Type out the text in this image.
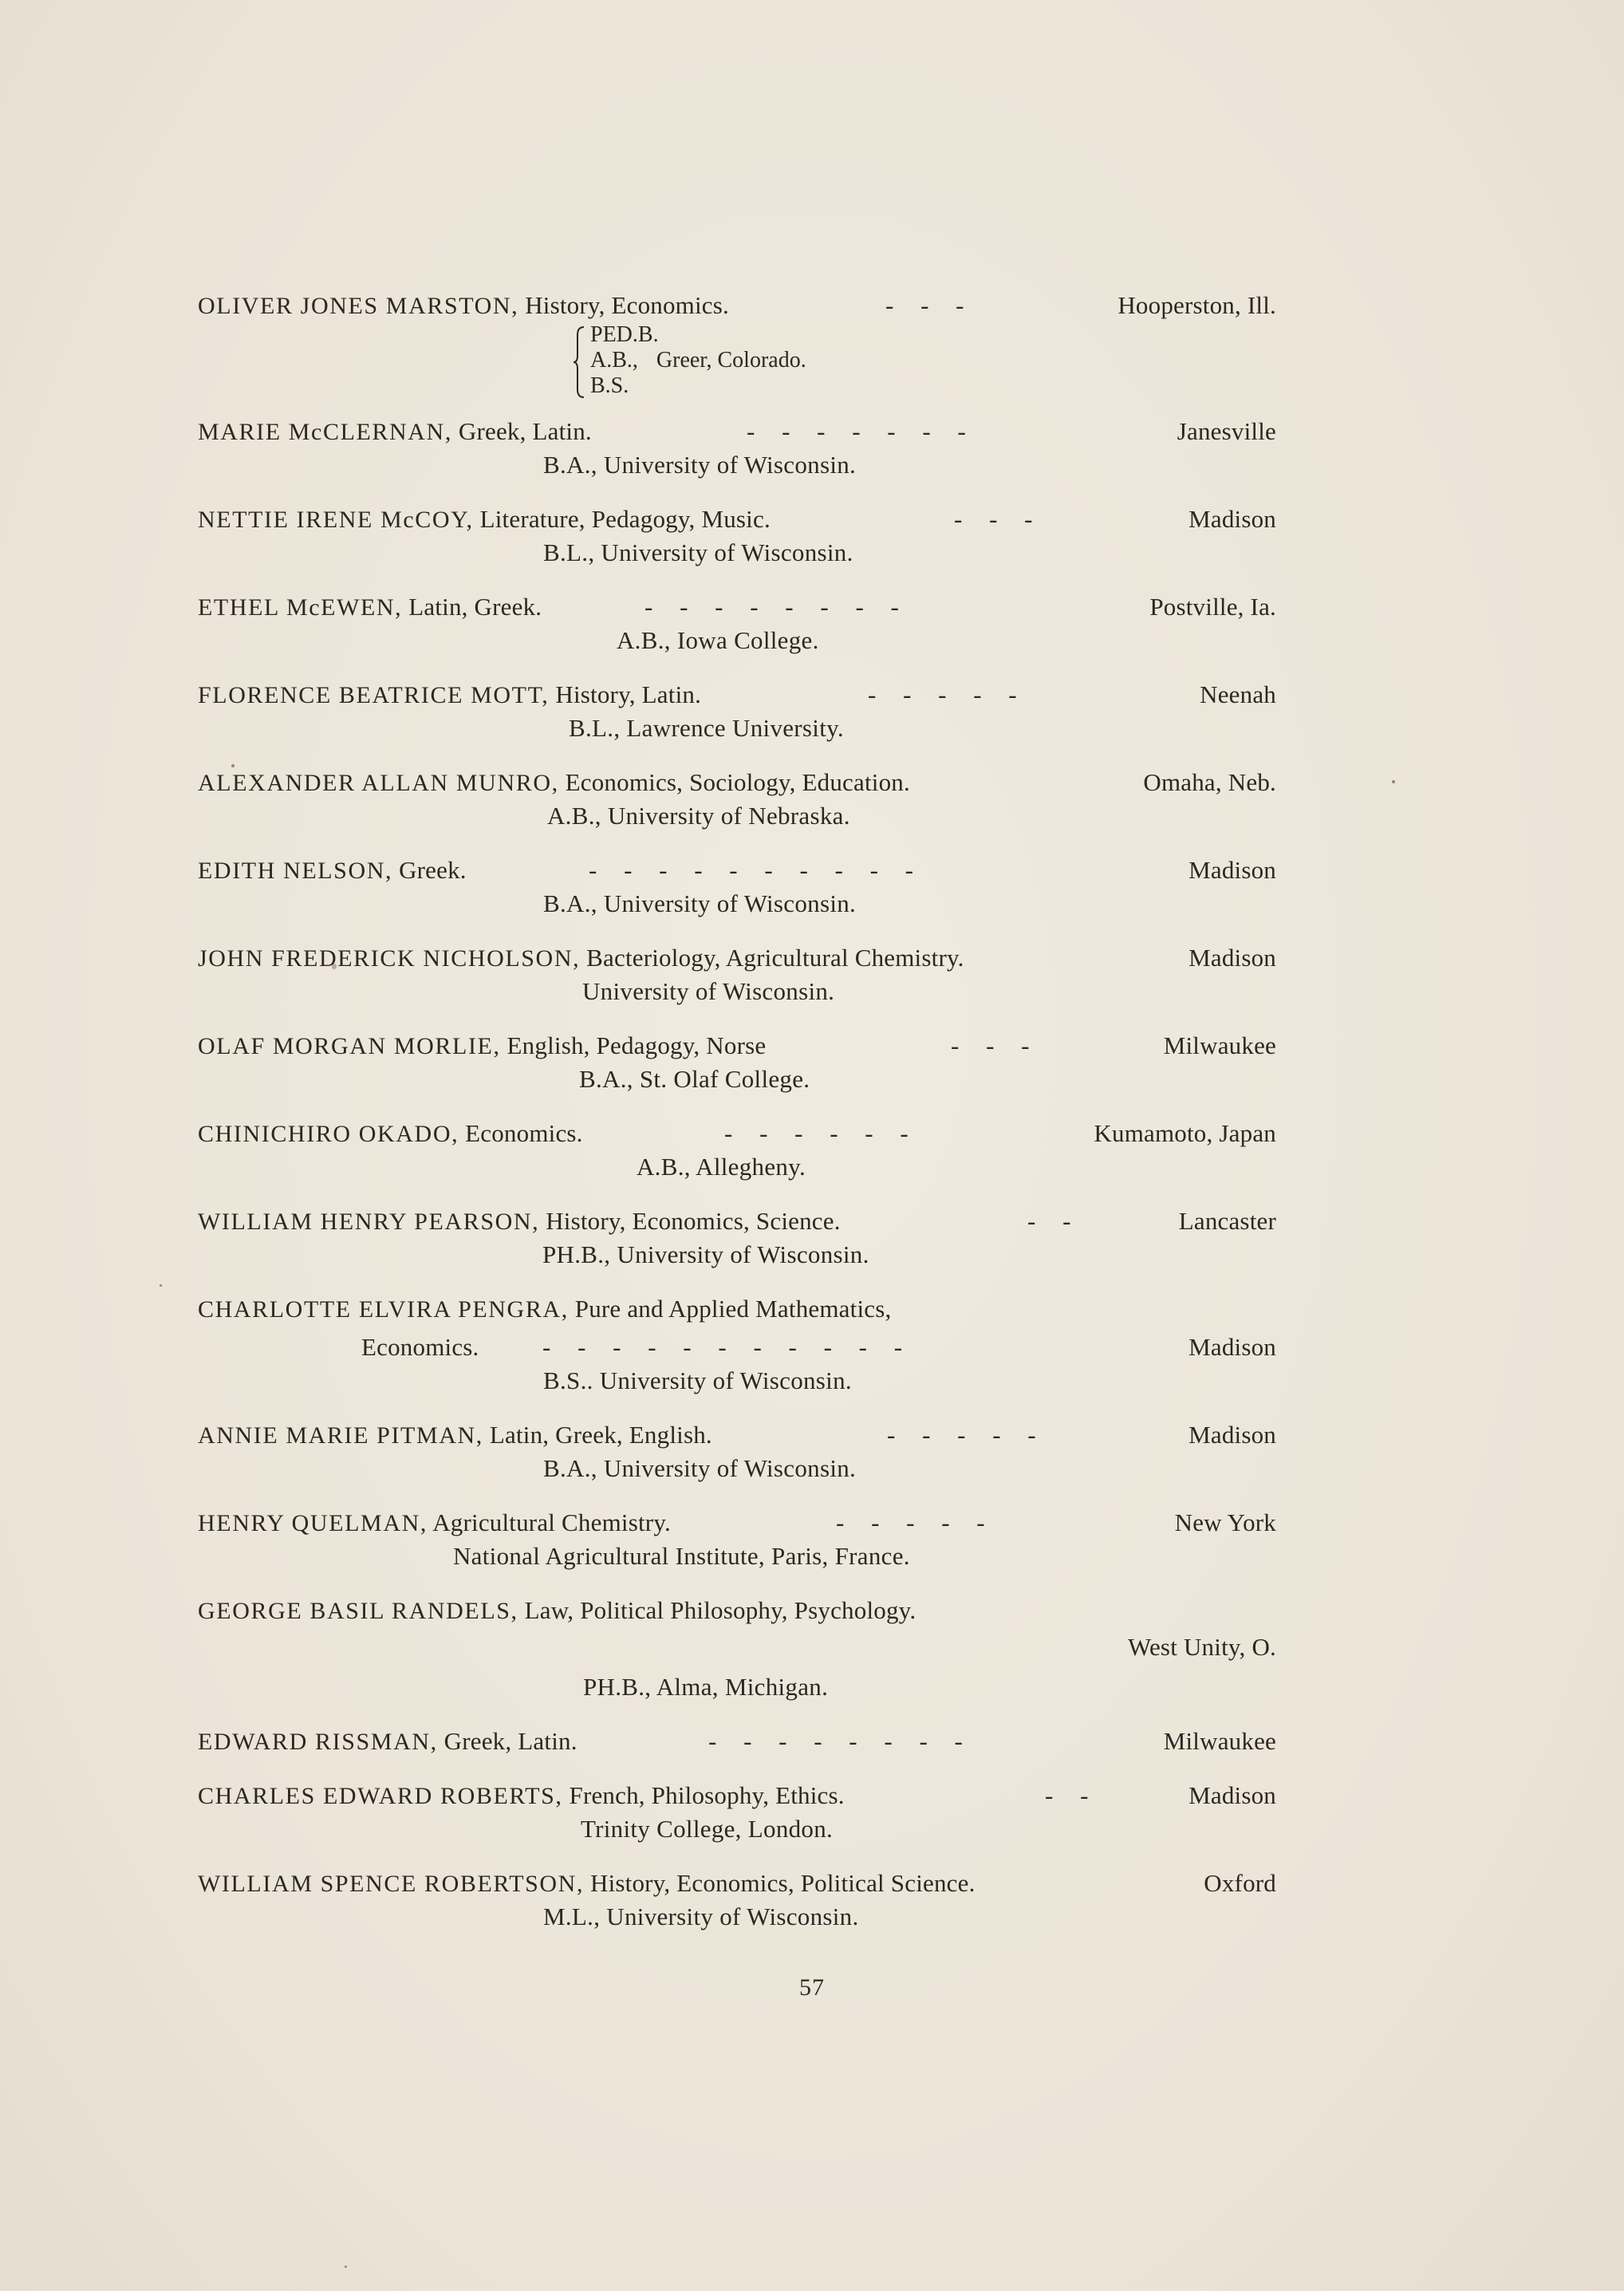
OLIVER JONES MARSTON, History, Economics.	- - -	Hooperston, Ill.
PED.B.
A.B., Greer, Colorado.
B.S.
MARIE McCLERNAN, Greek, Latin.	- - - - - - -	Janesville
B.A., University of Wisconsin.
NETTIE IRENE McCOY, Literature, Pedagogy, Music.	- - -	Madison
B.L., University of Wisconsin.
ETHEL McEWEN, Latin, Greek.	- - - - - - - -	Postville, Ia.
A.B., Iowa College.
FLORENCE BEATRICE MOTT, History, Latin.	- - - - -	Neenah
B.L., Lawrence University.
ALEXANDER ALLAN MUNRO, Economics, Sociology, Education.	Omaha, Neb.
A.B., University of Nebraska.
EDITH NELSON, Greek.	- - - - - - - - - -	Madison
B.A., University of Wisconsin.
JOHN FREDERICK NICHOLSON, Bacteriology, Agricultural Chemistry.	Madison
University of Wisconsin.
OLAF MORGAN MORLIE, English, Pedagogy, Norse	- - -	Milwaukee
B.A., St. Olaf College.
CHINICHIRO OKADO, Economics.	- - - - - -	Kumamoto, Japan
A.B., Allegheny.
WILLIAM HENRY PEARSON, History, Economics, Science.	- -	Lancaster
PH.B., University of Wisconsin.
CHARLOTTE ELVIRA PENGRA, Pure and Applied Mathematics,
Economics.	- - - - - - - - - - -	Madison
B.S.. University of Wisconsin.
ANNIE MARIE PITMAN, Latin, Greek, English.	- - - - -	Madison
B.A., University of Wisconsin.
HENRY QUELMAN, Agricultural Chemistry.	- - - - -	New York
National Agricultural Institute, Paris, France.
GEORGE BASIL RANDELS, Law, Political Philosophy, Psychology.
West Unity, O.
PH.B., Alma, Michigan.
EDWARD RISSMAN, Greek, Latin.	- - - - - - - -	Milwaukee
CHARLES EDWARD ROBERTS, French, Philosophy, Ethics.	- -	Madison
Trinity College, London.
WILLIAM SPENCE ROBERTSON, History, Economics, Political Science.	Oxford
M.L., University of Wisconsin.
57
